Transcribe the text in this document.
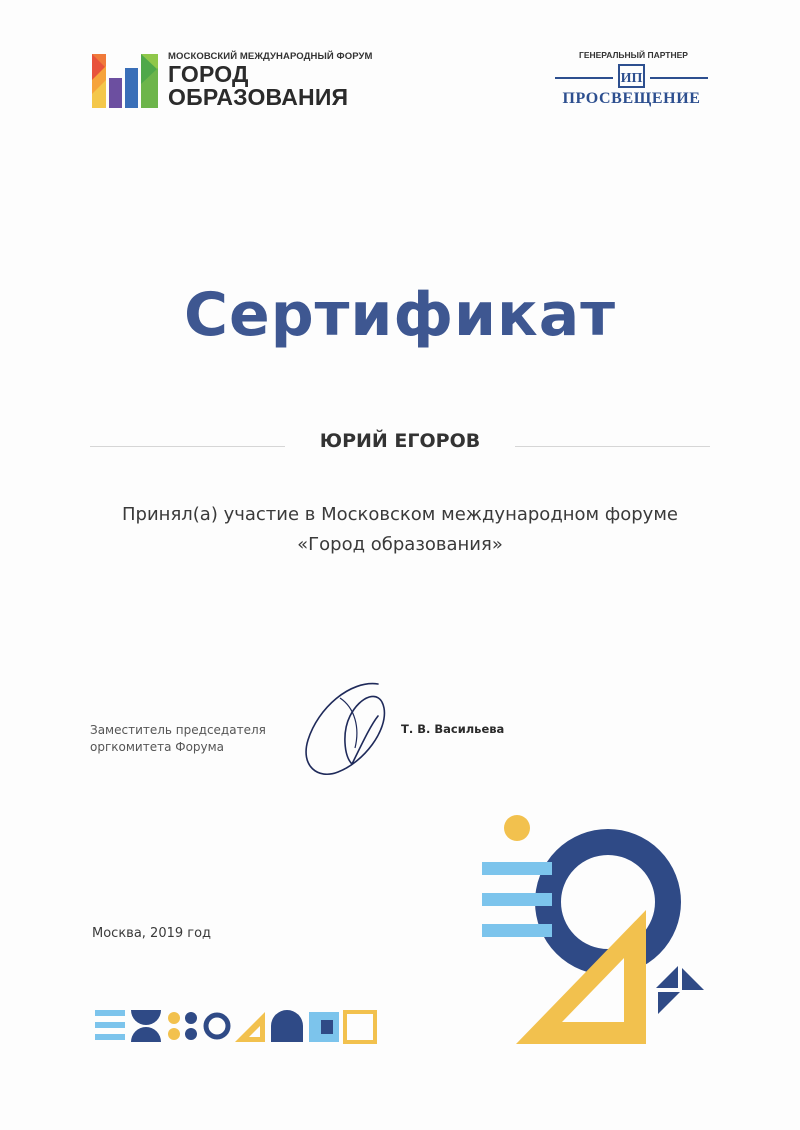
МОСКОВСКИЙ МЕЖДУНАРОДНЫЙ ФОРУМ
ГОРОД
ОБРАЗОВАНИЯ
ГЕНЕРАЛЬНЫЙ ПАРТНЕР
ИП
ПРОСВЕЩЕНИЕ
Сертификат
ЮРИЙ ЕГОРОВ
Принял(а) участие в Московском международном форуме
«Город образования»
Заместитель председателя
оргкомитета Форума
Т. В. Васильева
Москва, 2019 год
